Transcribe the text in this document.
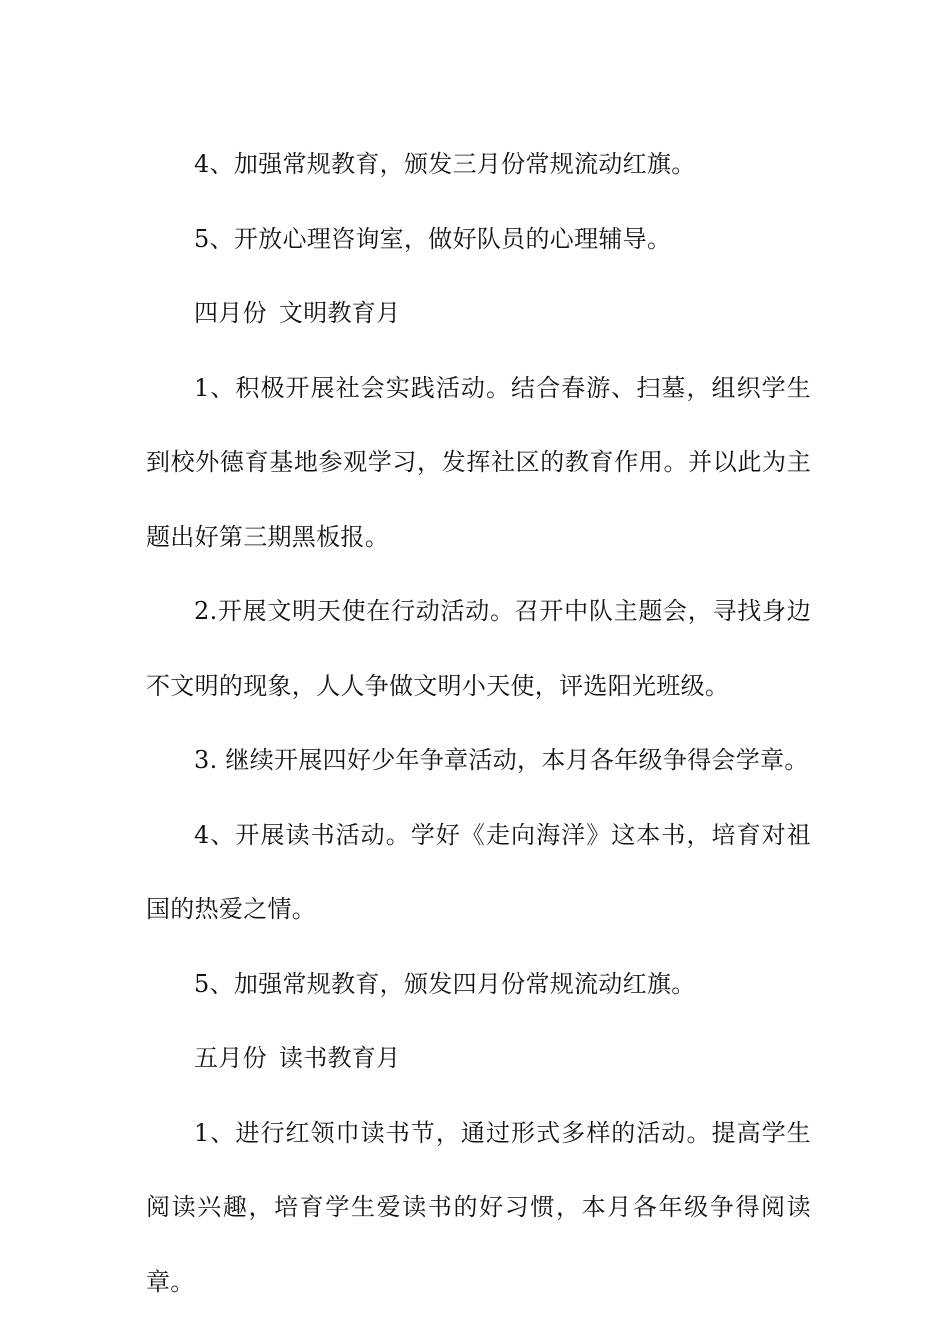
4、加强常规教育，颁发三月份常规流动红旗。

5、开放心理咨询室，做好队员的心理辅导。

四月份 文明教育月

1、积极开展社会实践活动。结合春游、扫墓，组织学生到校外德育基地参观学习，发挥社区的教育作用。并以此为主题出好第三期黑板报。

2.开展文明天使在行动活动。召开中队主题会，寻找身边不文明的现象，人人争做文明小天使，评选阳光班级。

3. 继续开展四好少年争章活动，本月各年级争得会学章。

4、开展读书活动。学好《走向海洋》这本书，培育对祖国的热爱之情。

5、加强常规教育，颁发四月份常规流动红旗。

五月份 读书教育月

1、进行红领巾读书节，通过形式多样的活动。提高学生阅读兴趣，培育学生爱读书的好习惯，本月各年级争得阅读章。
